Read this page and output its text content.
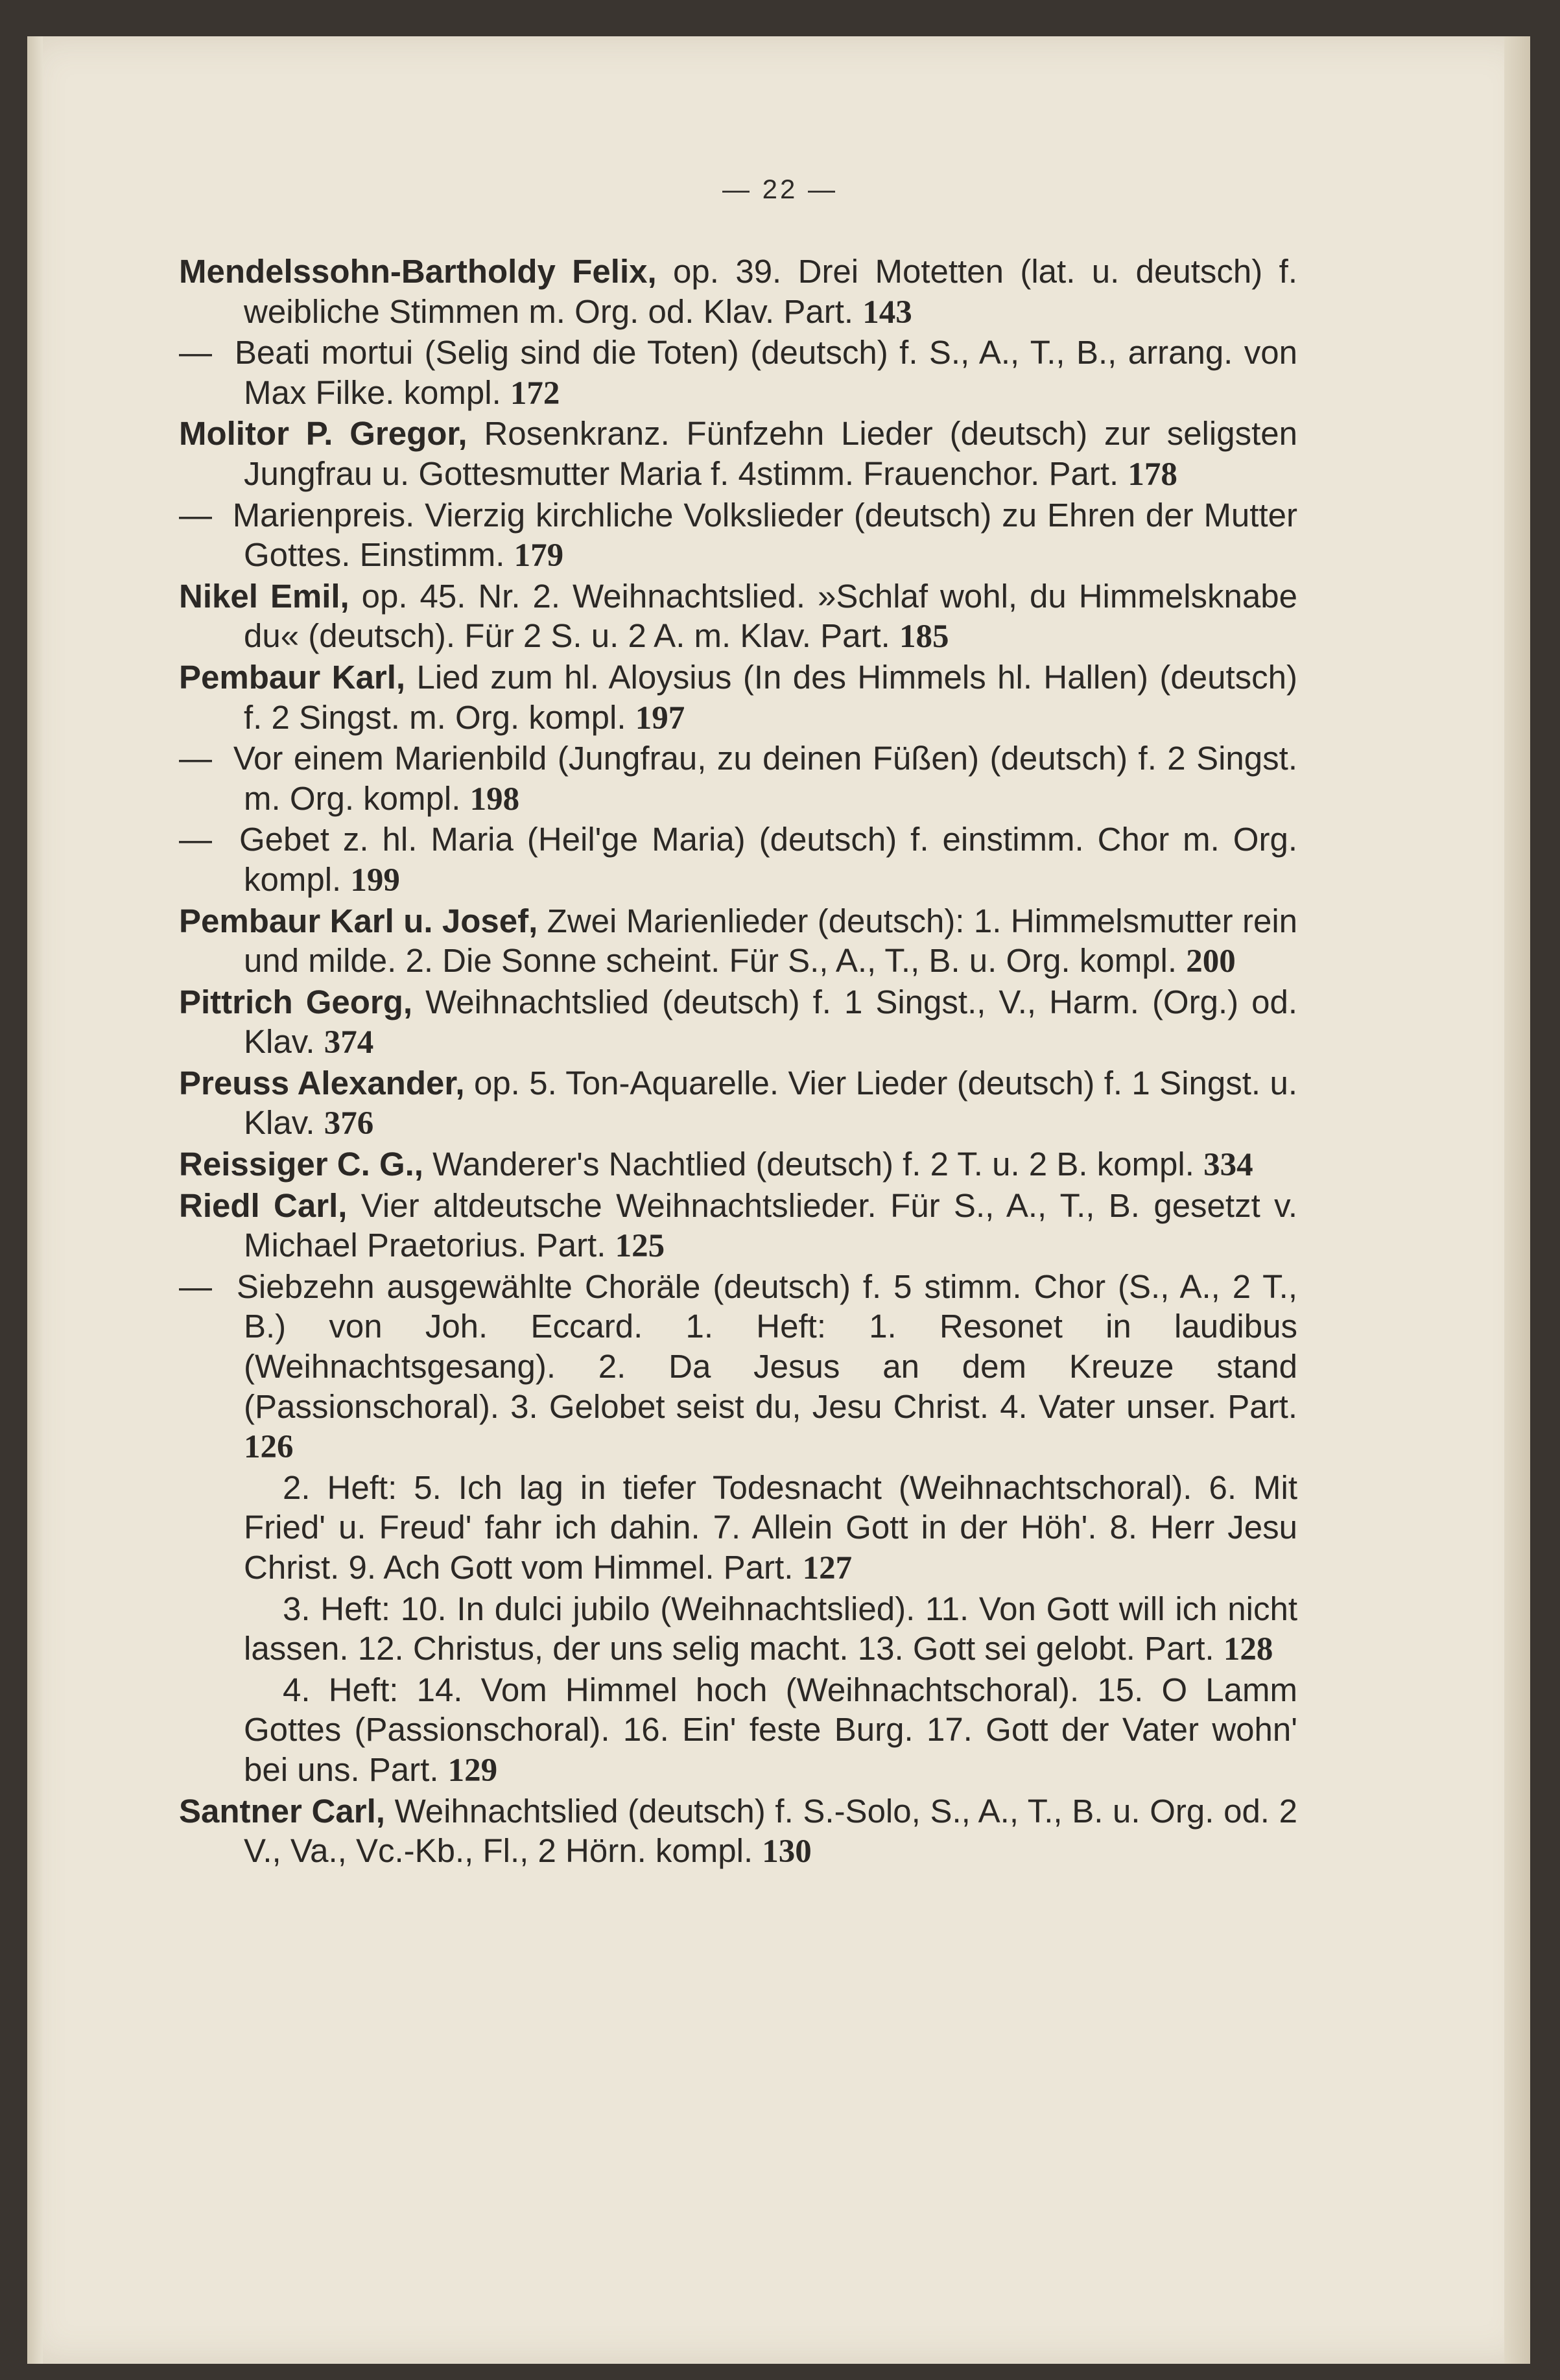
— 22 —

Mendelssohn-Bartholdy Felix, op. 39. Drei Motetten (lat. u. deutsch) f. weibliche Stimmen m. Org. od. Klav. Part. 143

— Beati mortui (Selig sind die Toten) (deutsch) f. S., A., T., B., arrang. von Max Filke. kompl. 172

Molitor P. Gregor, Rosenkranz. Fünfzehn Lieder (deutsch) zur seligsten Jungfrau u. Gottesmutter Maria f. 4stimm. Frauenchor. Part. 178

— Marienpreis. Vierzig kirchliche Volkslieder (deutsch) zu Ehren der Mutter Gottes. Einstimm. 179

Nikel Emil, op. 45. Nr. 2. Weihnachtslied. »Schlaf wohl, du Himmelsknabe du« (deutsch). Für 2 S. u. 2 A. m. Klav. Part. 185

Pembaur Karl, Lied zum hl. Aloysius (In des Himmels hl. Hallen) (deutsch) f. 2 Singst. m. Org. kompl. 197

— Vor einem Marienbild (Jungfrau, zu deinen Füßen) (deutsch) f. 2 Singst. m. Org. kompl. 198

— Gebet z. hl. Maria (Heil'ge Maria) (deutsch) f. einstimm. Chor m. Org. kompl. 199

Pembaur Karl u. Josef, Zwei Marienlieder (deutsch): 1. Himmelsmutter rein und milde. 2. Die Sonne scheint. Für S., A., T., B. u. Org. kompl. 200

Pittrich Georg, Weihnachtslied (deutsch) f. 1 Singst., V., Harm. (Org.) od. Klav. 374

Preuss Alexander, op. 5. Ton-Aquarelle. Vier Lieder (deutsch) f. 1 Singst. u. Klav. 376

Reissiger C. G., Wanderer's Nachtlied (deutsch) f. 2 T. u. 2 B. kompl. 334

Riedl Carl, Vier altdeutsche Weihnachtslieder. Für S., A., T., B. gesetzt v. Michael Praetorius. Part. 125

— Siebzehn ausgewählte Choräle (deutsch) f. 5 stimm. Chor (S., A., 2 T., B.) von Joh. Eccard. 1. Heft: 1. Resonet in laudibus (Weihnachtsgesang). 2. Da Jesus an dem Kreuze stand (Passionschoral). 3. Gelobet seist du, Jesu Christ. 4. Vater unser. Part. 126

2. Heft: 5. Ich lag in tiefer Todesnacht (Weihnachtschoral). 6. Mit Fried' u. Freud' fahr ich dahin. 7. Allein Gott in der Höh'. 8. Herr Jesu Christ. 9. Ach Gott vom Himmel. Part. 127

3. Heft: 10. In dulci jubilo (Weihnachtslied). 11. Von Gott will ich nicht lassen. 12. Christus, der uns selig macht. 13. Gott sei gelobt. Part. 128

4. Heft: 14. Vom Himmel hoch (Weihnachtschoral). 15. O Lamm Gottes (Passionschoral). 16. Ein' feste Burg. 17. Gott der Vater wohn' bei uns. Part. 129

Santner Carl, Weihnachtslied (deutsch) f. S.-Solo, S., A., T., B. u. Org. od. 2 V., Va., Vc.-Kb., Fl., 2 Hörn. kompl. 130
